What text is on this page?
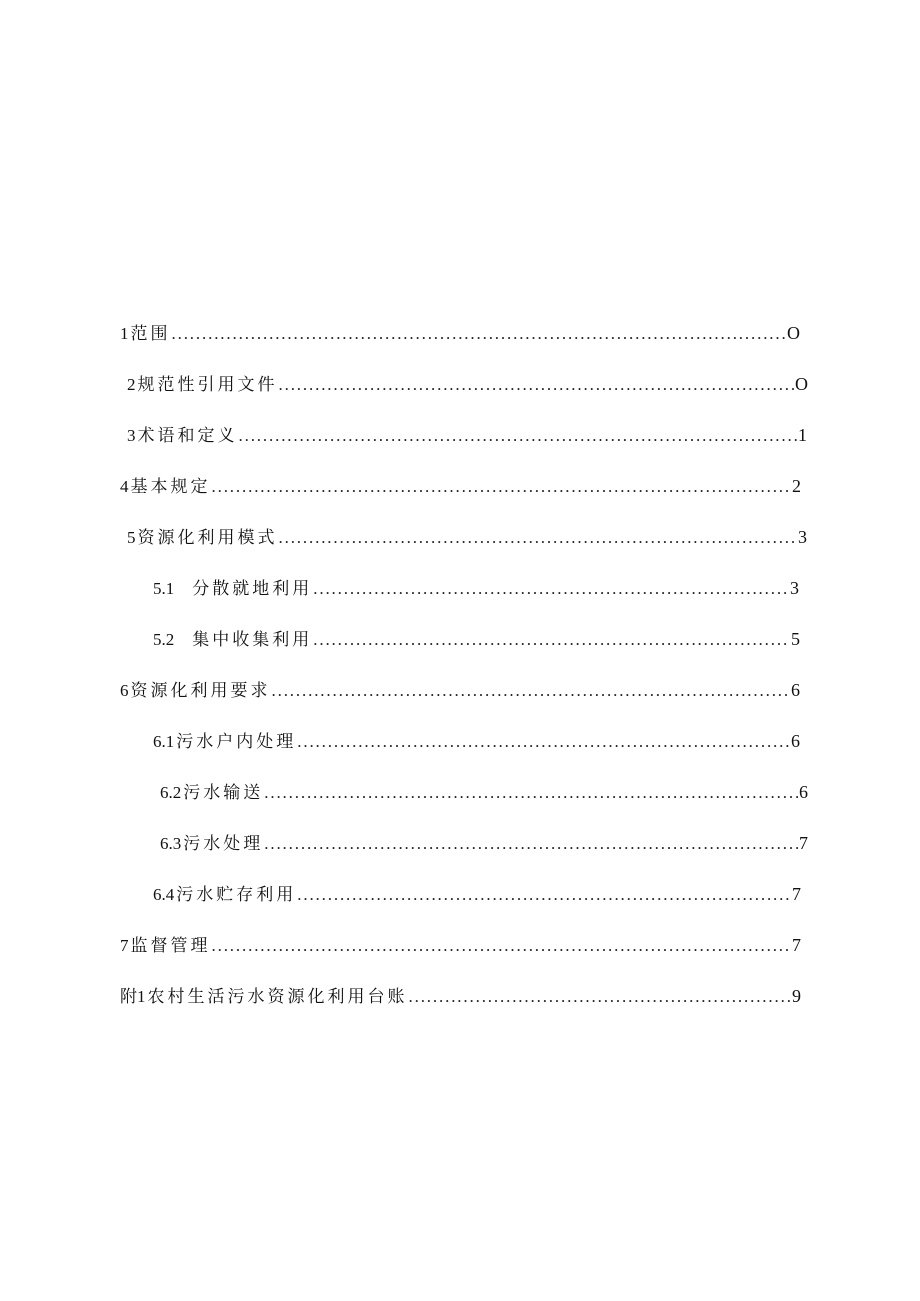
1 范围 . . .	O
2 规范性引用文件 . . .	O
3 术语和定义 . . .	1
4 基本规定 . . .	2
5 资源化利用模式 . . .	3
5.1 分散就地利用 . . .	3
5.2 集中收集利用 . . .	5
6 资源化利用要求 . . .	6
6.1 污水户内处理 . . .	6
6.2 污水输送 . . .	6
6.3 污水处理 . . .	7
6.4 污水贮存利用 . . .	7
7 监督管理 . . .	7
附1 农村生活污水资源化利用台账 . . .	9
